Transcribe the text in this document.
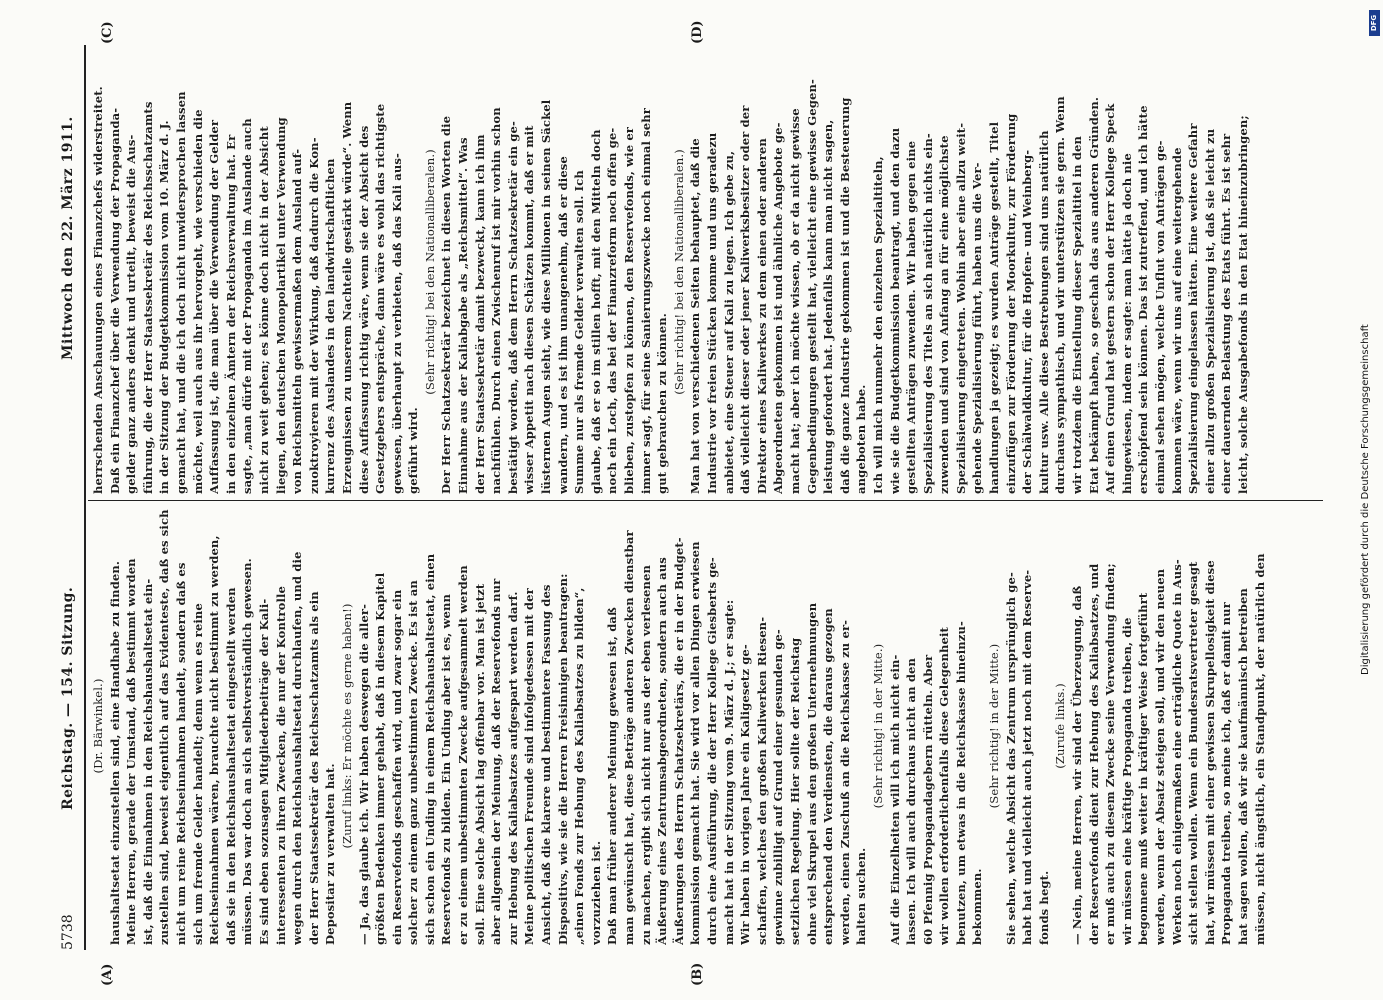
5738
Reichstag. — 154. Sitzung.
Mittwoch den 22. März 1911.
(A)	(B)
(C)	(D)
(Dr. Bärwinkel.) haushaltsetat einzustellen sind, eine Handhabe zu finden. Meine Herren, gerade der Umstand, daß bestimmt worden ist, daß die Einnahmen in den Reichshaushaltsetat ein- zustellen sind, beweist eigentlich auf das Evidenteste, daß es sich nicht um reine Reichseinnahmen handelt, sondern daß es sich um fremde Gelder handelt; denn wenn es reine Reichseinnahmen wären, brauchte nicht bestimmt zu werden, daß sie in den Reichshaushaltsetat eingestellt werden müssen. Das war doch an sich selbstverständlich gewesen. Es sind eben sozusagen Mitgliederbeiträge der Kali- interessenten zu ihren Zwecken, die nur der Kontrolle wegen durch den Reichshaushaltsetat durchlaufen, und die der Herr Staatssekretär des Reichsschatzamts als ein Depositar zu verwalten hat.
(Zuruf links: Er möchte es gerne haben!) — Ja, das glaube ich. Wir haben deswegen die aller- größten Bedenken immer gehabt, daß in diesem Kapitel ein Reservefonds geschaffen wird, und zwar sogar ein solcher zu einem ganz unbestimmten Zwecke. Es ist an sich schon ein Unding in einem Reichshaushaltsetat, einen Reservefonds zu bilden. Ein Unding aber ist es, wenn er zu einem unbestimmten Zwecke aufgesammelt werden soll. Eine solche Absicht lag offenbar vor. Man ist jetzt aber allgemein der Meinung, daß der Reservefonds nur zur Hebung des Kaliabsatzes aufgespart werden darf. Meine politischen Freunde sind infolgedessen mit der Ansicht, daß die klarere und bestimmtere Fassung des Dispositivs, wie sie die Herren Freisinnigen beantragen: „einen Fonds zur Hebung des Kaliabsatzes zu bilden“, vorzuziehen ist. Daß man früher anderer Meinung gewesen ist, daß man gewünscht hat, diese Beträge anderen Zwecken dienstbar zu machen, ergibt sich nicht nur aus der eben verlesenen Äußerung eines Zentrumsabgeordneten, sondern auch aus Äußerungen des Herrn Schatzsekretärs, die er in der Budget- kommission gemacht hat. Sie wird vor allen Dingen erwiesen durch eine Ausführung, die der Herr Kollege Giesberts ge- macht hat in der Sitzung vom 9. März d. J.; er sagte: Wir haben in vorigen Jahre ein Kaligesetz ge- schaffen, welches den großen Kaliwerken Riesen- gewinne zubilligt auf Grund einer gesunden ge- setzlichen Regelung. Hier sollte der Reichstag ohne viel Skrupel aus den großen Unternehmungen entsprechend den Verdiensten, die daraus gezogen werden, einen Zuschuß an die Reichskasse zu er- halten suchen.
(Sehr richtig! in der Mitte.) Auf die Einzelheiten will ich mich nicht ein- lassen. Ich will auch durchaus nicht an den 60 Pfennig Propagandagebern rütteln. Aber wir wollen erforderlichenfalls diese Gelegenheit benutzen, um etwas in die Reichskasse hineinzu- bekommen.
(Sehr richtig! in der Mitte.) Sie sehen, welche Absicht das Zentrum ursprünglich ge- habt hat und vielleicht auch jetzt noch mit dem Reserve- fonds hegt.
(Zurufe links.) — Nein, meine Herren, wir sind der Überzeugung, daß der Reservefonds dient zur Hebung des Kaliabsatzes, und er muß auch zu diesem Zwecke seine Verwendung finden; wir müssen eine kräftige Propaganda treiben, die begonnene muß weiter in kräftiger Weise fortgeführt werden, wenn der Absatz steigen soll, und wir den neuen Werken noch einigermaßen eine erträgliche Quote in Aus- sicht stellen wollen. Wenn ein Bundesratsvertreter gesagt hat, wir müssen mit einer gewissen Skrupellosigkeit diese Propaganda treiben, so meine ich, daß er damit nur hat sagen wollen, daß wir sie kaufmännisch betreiben müssen, nicht ängstlich, ein Standpunkt, der natürlich den
herrschenden Anschauungen eines Finanzchefs widerstreitet. Daß ein Finanzchef über die Verwendung der Propaganda- gelder ganz anders denkt und urteilt, beweist die Aus- führung, die der Herr Staatssekretär des Reichsschatzamts in der Sitzung der Budgetkommission vom 10. März d. J. gemacht hat, und die ich doch nicht unwidersprochen lassen möchte, weil auch aus ihr hervorgeht, wie verschieden die Auffassung ist, die man über die Verwendung der Gelder in den einzelnen Ämtern der Reichsverwaltung hat. Er sagte, „man dürfe mit der Propaganda im Auslande auch nicht zu weit gehen; es könne doch nicht in der Absicht liegen, den deutschen Monopolartikel unter Verwendung von Reichsmitteln gewissermaßen dem Ausland auf- zuoktroyieren mit der Wirkung, daß dadurch die Kon- kurrenz des Auslandes in den landwirtschaftlichen Erzeugnissen zu unserem Nachteile gestärkt würde“. Wenn diese Auffassung richtig wäre, wenn sie der Absicht des Gesetzgebers entspräche, dann wäre es wohl das richtigste gewesen, überhaupt zu verbieten, daß das Kali aus- geführt wird.
(Sehr richtig! bei den Nationalliberalen.) Der Herr Schatzsekretär bezeichnet in diesen Worten die Einnahme aus der Kaliabgabe als „Reichsmittel“. Was der Herr Staatssekretär damit bezweckt, kann ich ihm nachfühlen. Durch einen Zwischenruf ist mir vorhin schon bestätigt worden, daß dem Herrn Schatzsekretär ein ge- wisser Appetit nach diesen Schätzen kommt, daß er mit lüsternen Augen sieht, wie diese Millionen in seinen Säckel wandern, und es ist ihm unangenehm, daß er diese Summe nur als fremde Gelder verwalten soll. Ich glaube, daß er so im stillen hofft, mit den Mitteln doch noch ein Loch, das bei der Finanzreform noch offen ge- blieben, zustopfen zu können, den Reservefonds, wie er immer sagt, für seine Sanierungszwecke noch einmal sehr gut gebrauchen zu können.
(Sehr richtig! bei den Nationalliberalen.) Man hat von verschiedenen Seiten behauptet, daß die Industrie vor freien Stücken komme und uns geradezu anbietet, eine Steuer auf Kali zu legen. Ich gebe zu, daß vielleicht dieser oder jener Kaliwerksbesitzer oder der Direktor eines Kaliwerkes zu dem einen oder anderen Abgeordneten gekommen ist und ähnliche Angebote ge- macht hat; aber ich möchte wissen, ob er da nicht gewisse Gegenbedingungen gestellt hat, vielleicht eine gewisse Gegen- leistung gefordert hat. Jedenfalls kann man nicht sagen, daß die ganze Industrie gekommen ist und die Besteuerung angeboten habe. Ich will mich nunmehr den einzelnen Spezialtiteln, wie sie die Budgetkommission beantragt, und den dazu gestellten Anträgen zuwenden. Wir haben gegen eine Spezialisierung des Titels an sich natürlich nichts ein- zuwenden und sind von Anfang an für eine möglichste Spezialisierung eingetreten. Wohin aber eine allzu weit- gehende Spezialisierung führt, haben uns die Ver- handlungen ja gezeigt; es wurden Anträge gestellt, Titel einzufügen zur Förderung der Moorkultur, zur Förderung der Schälwaldkultur, für die Hopfen- und Weinberg- kultur usw. Alle diese Bestrebungen sind uns natürlich durchaus sympathisch, und wir unterstützen sie gern. Wenn wir trotzdem die Einstellung dieser Spezialtitel in den Etat bekämpft haben, so geschah das aus anderen Gründen. Auf einen Grund hat gestern schon der Herr Kollege Speck hingewiesen, indem er sagte: man hätte ja doch nie erschöpfend sein können. Das ist zutreffend, und ich hätte einmal sehen mögen, welche Unflut von Anträgen ge- kommen wäre, wenn wir uns auf eine weitergehende Spezialisierung eingelassen hätten. Eine weitere Gefahr einer allzu großen Spezialisierung ist, daß sie leicht zu einer dauernden Belastung des Etats führt. Es ist sehr leicht, solche Ausgabefonds in den Etat hineinzubringen;
Digitalisierung gefördert durch die Deutsche Forschungsgemeinschaft
DFG
